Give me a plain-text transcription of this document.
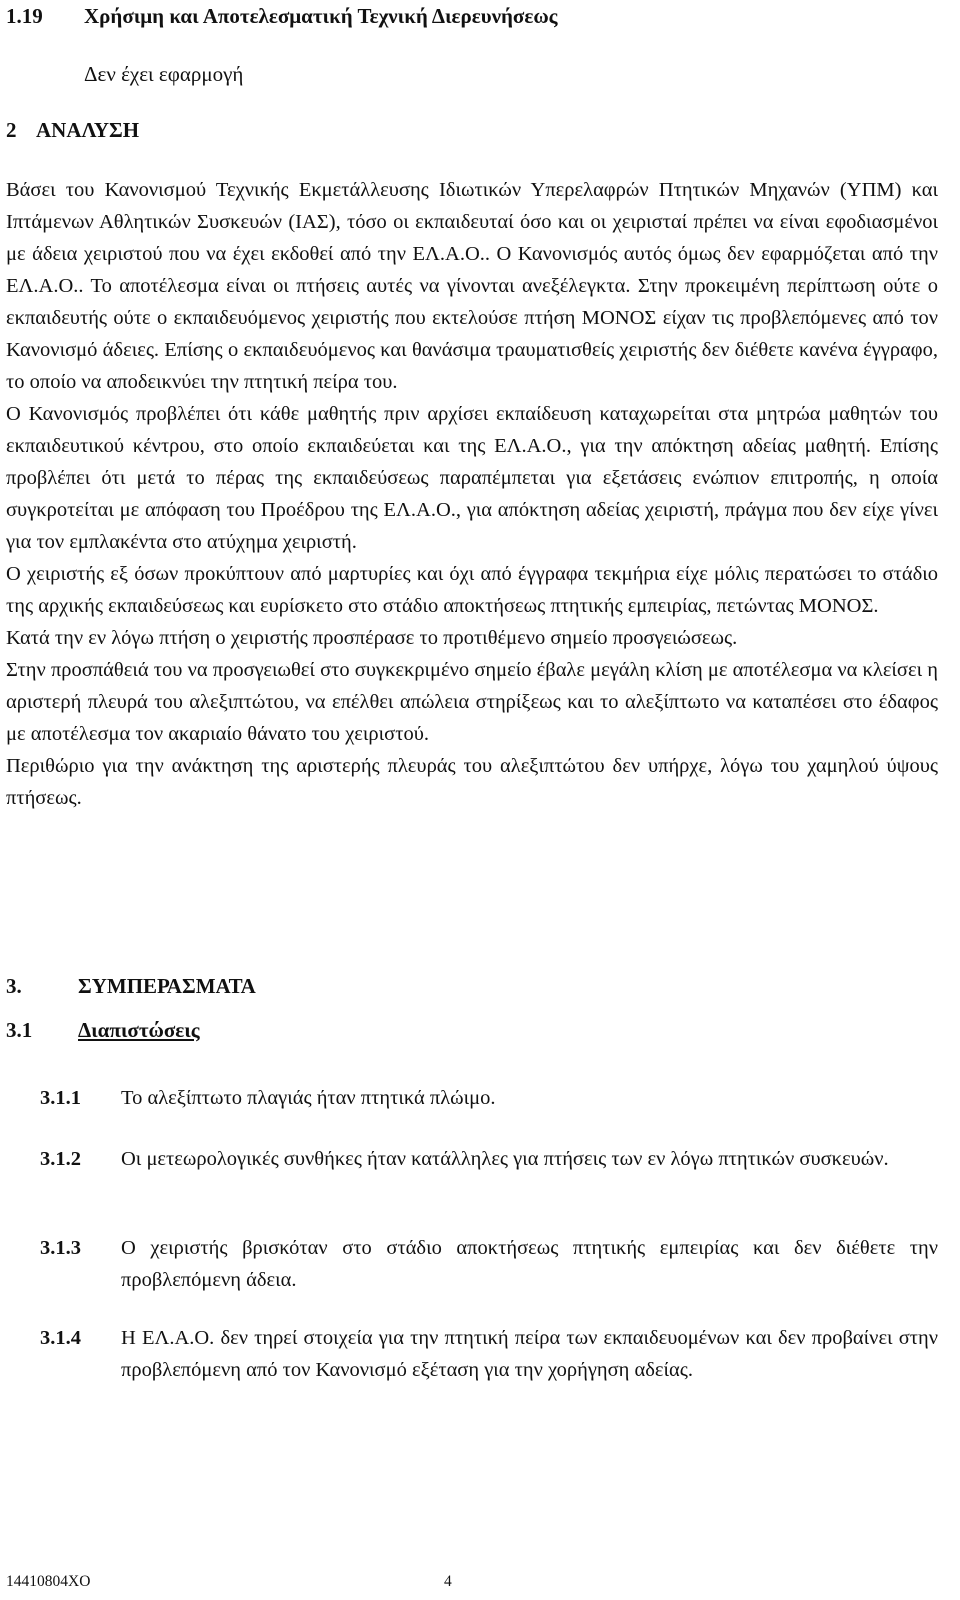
1.19 Χρήσιμη και Αποτελεσματική Τεχνική Διερευνήσεως
Δεν έχει εφαρμογή
2 ΑΝΑΛΥΣΗ

Βάσει του Κανονισμού Τεχνικής Εκμετάλλευσης Ιδιωτικών Υπερελαφρών Πτητικών Μηχανών (ΥΠΜ) και Ιπτάμενων Αθλητικών Συσκευών (ΙΑΣ), τόσο οι εκπαιδευταί όσο και οι χειρισταί πρέπει να είναι εφοδιασμένοι με άδεια χειριστού που να έχει εκδοθεί από την ΕΛ.Α.Ο.. Ο Κανονισμός αυτός όμως δεν εφαρμόζεται από την ΕΛ.Α.Ο.. Το αποτέλεσμα είναι οι πτήσεις αυτές να γίνονται ανεξέλεγκτα. Στην προκειμένη περίπτωση ούτε ο εκπαιδευτής ούτε ο εκπαιδευόμενος χειριστής που εκτελούσε πτήση ΜΟΝΟΣ είχαν τις προβλεπόμενες από τον Κανονισμό άδειες. Επίσης ο εκπαιδευόμενος και θανάσιμα τραυματισθείς χειριστής δεν διέθετε κανένα έγγραφο, το οποίο να αποδεικνύει την πτητική πείρα του.

Ο Κανονισμός προβλέπει ότι κάθε μαθητής πριν αρχίσει εκπαίδευση καταχωρείται στα μητρώα μαθητών του εκπαιδευτικού κέντρου, στο οποίο εκπαιδεύεται και της ΕΛ.Α.Ο., για την απόκτηση αδείας μαθητή. Επίσης προβλέπει ότι μετά το πέρας της εκπαιδεύσεως παραπέμπεται για εξετάσεις ενώπιον επιτροπής, η οποία συγκροτείται με απόφαση του Προέδρου της ΕΛ.Α.Ο., για απόκτηση αδείας χειριστή, πράγμα που δεν είχε γίνει για τον εμπλακέντα στο ατύχημα χειριστή.

Ο χειριστής εξ όσων προκύπτουν από μαρτυρίες και όχι από έγγραφα τεκμήρια είχε μόλις περατώσει το στάδιο της αρχικής εκπαιδεύσεως και ευρίσκετο στο στάδιο αποκτήσεως πτητικής εμπειρίας, πετώντας ΜΟΝΟΣ.

Κατά την εν λόγω πτήση ο χειριστής προσπέρασε το προτιθέμενο σημείο προσγειώσεως.

Στην προσπάθειά του να προσγειωθεί στο συγκεκριμένο σημείο έβαλε μεγάλη κλίση με αποτέλεσμα να κλείσει η αριστερή πλευρά του αλεξιπτώτου, να επέλθει απώλεια στηρίξεως και το αλεξίπτωτο να καταπέσει στο έδαφος με αποτέλεσμα τον ακαριαίο θάνατο του χειριστού.

Περιθώριο για την ανάκτηση της αριστερής πλευράς του αλεξιπτώτου δεν υπήρχε, λόγω του χαμηλού ύψους πτήσεως.

3.	ΣΥΜΠΕΡΑΣΜΑΤΑ
3.1 Διαπιστώσεις
3.1.1 Το αλεξίπτωτο πλαγιάς ήταν πτητικά πλώιμο.
3.1.2 Οι μετεωρολογικές συνθήκες ήταν κατάλληλες για πτήσεις των εν λόγω πτητικών συσκευών.
3.1.3 Ο χειριστής βρισκόταν στο στάδιο αποκτήσεως πτητικής εμπειρίας και δεν διέθετε την προβλεπόμενη άδεια.
3.1.4 Η ΕΛ.Α.Ο. δεν τηρεί στοιχεία για την πτητική πείρα των εκπαιδευομένων και δεν προβαίνει στην προβλεπόμενη από τον Κανονισμό εξέταση για την χορήγηση αδείας.
14410804ΧΟ	4
